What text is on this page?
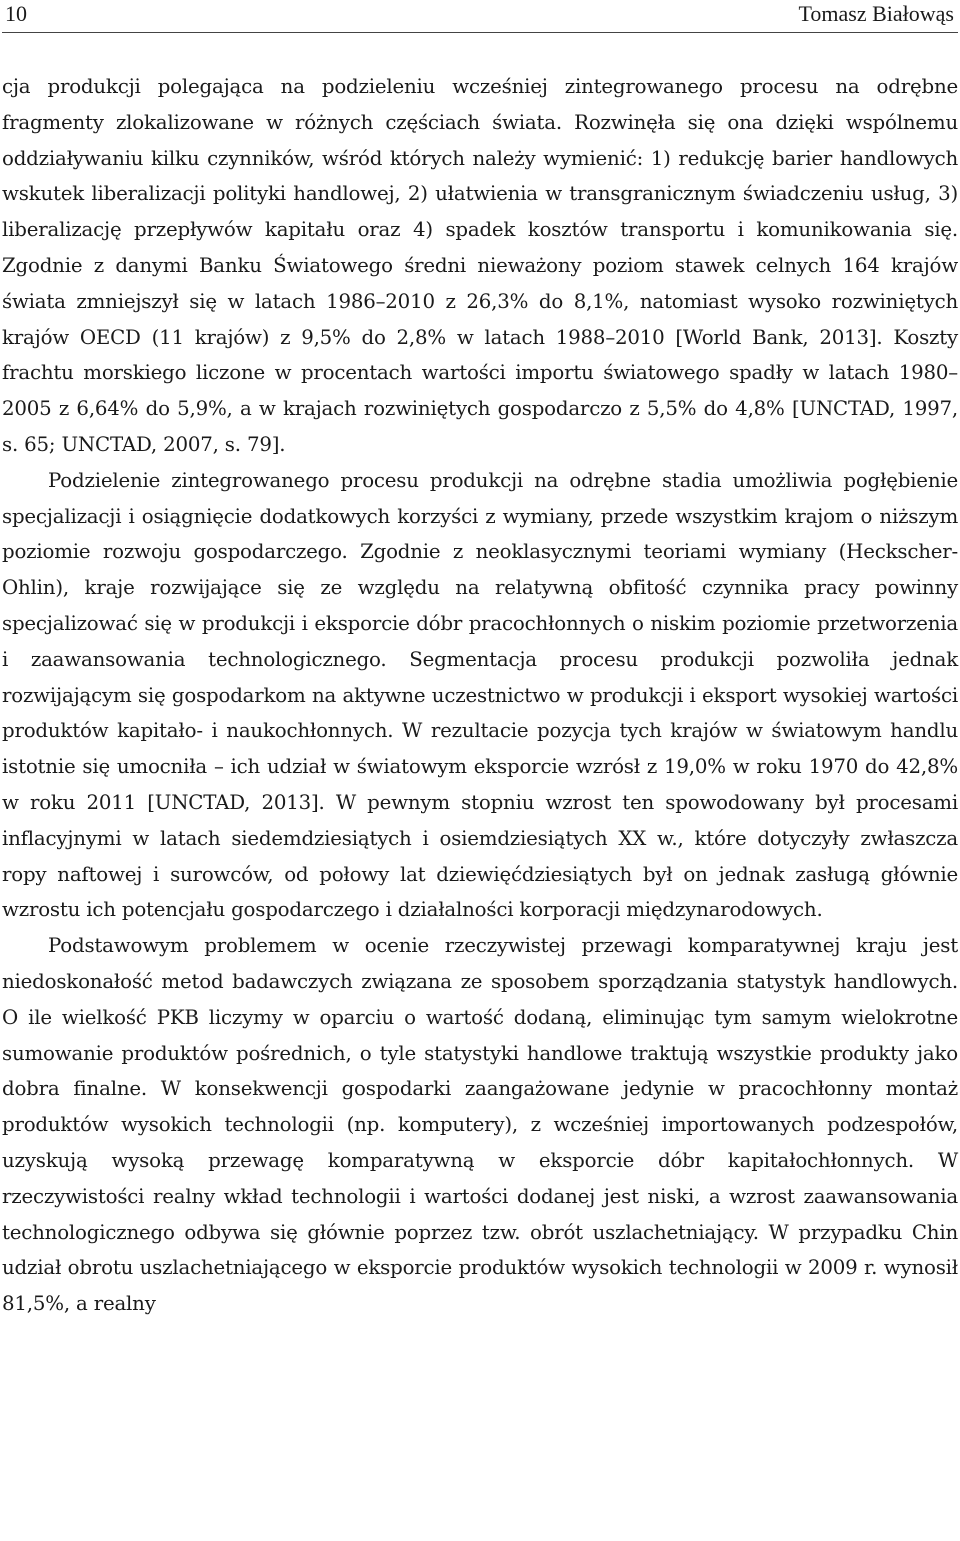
10	Tomasz Białowąs

cja produkcji polegająca na podzieleniu wcześniej zintegrowanego procesu na odrębne fragmenty zlokalizowane w różnych częściach świata. Rozwinęła się ona dzięki wspólnemu oddziaływaniu kilku czynników, wśród których należy wymienić: 1) redukcję barier handlowych wskutek liberalizacji polityki handlowej, 2) ułatwienia w transgranicznym świadczeniu usług, 3) liberalizację przepływów kapitału oraz 4) spadek kosztów transportu i komunikowania się. Zgodnie z danymi Banku Światowego średni nieważony poziom stawek celnych 164 krajów świata zmniejszył się w latach 1986–2010 z 26,3% do 8,1%, natomiast wysoko rozwiniętych krajów OECD (11 krajów) z 9,5% do 2,8% w latach 1988–2010 [World Bank, 2013]. Koszty frachtu morskiego liczone w procentach wartości importu światowego spadły w latach 1980–2005 z 6,64% do 5,9%, a w krajach rozwiniętych gospodarczo z 5,5% do 4,8% [UNCTAD, 1997, s. 65; UNCTAD, 2007, s. 79].

Podzielenie zintegrowanego procesu produkcji na odrębne stadia umożliwia pogłębienie specjalizacji i osiągnięcie dodatkowych korzyści z wymiany, przede wszystkim krajom o niższym poziomie rozwoju gospodarczego. Zgodnie z neoklasycznymi teoriami wymiany (Heckscher-Ohlin), kraje rozwijające się ze względu na relatywną obfitość czynnika pracy powinny specjalizować się w produkcji i eksporcie dóbr pracochłonnych o niskim poziomie przetworzenia i zaawansowania technologicznego. Segmentacja procesu produkcji pozwoliła jednak rozwijającym się gospodarkom na aktywne uczestnictwo w produkcji i eksport wysokiej wartości produktów kapitało- i naukochłonnych. W rezultacie pozycja tych krajów w światowym handlu istotnie się umocniła – ich udział w światowym eksporcie wzrósł z 19,0% w roku 1970 do 42,8% w roku 2011 [UNCTAD, 2013]. W pewnym stopniu wzrost ten spowodowany był procesami inflacyjnymi w latach siedemdziesiątych i osiemdziesiątych XX w., które dotyczyły zwłaszcza ropy naftowej i surowców, od połowy lat dziewięćdziesiątych był on jednak zasługą głównie wzrostu ich potencjału gospodarczego i działalności korporacji międzynarodowych.

Podstawowym problemem w ocenie rzeczywistej przewagi komparatywnej kraju jest niedoskonałość metod badawczych związana ze sposobem sporządzania statystyk handlowych. O ile wielkość PKB liczymy w oparciu o wartość dodaną, eliminując tym samym wielokrotne sumowanie produktów pośrednich, o tyle statystyki handlowe traktują wszystkie produkty jako dobra finalne. W konsekwencji gospodarki zaangażowane jedynie w pracochłonny montaż produktów wysokich technologii (np. komputery), z wcześniej importowanych podzespołów, uzyskują wysoką przewagę komparatywną w eksporcie dóbr kapitałochłonnych. W rzeczywistości realny wkład technologii i wartości dodanej jest niski, a wzrost zaawansowania technologicznego odbywa się głównie poprzez tzw. obrót uszlachetniający. W przypadku Chin udział obrotu uszlachetniającego w eksporcie produktów wysokich technologii w 2009 r. wynosił 81,5%, a realny
